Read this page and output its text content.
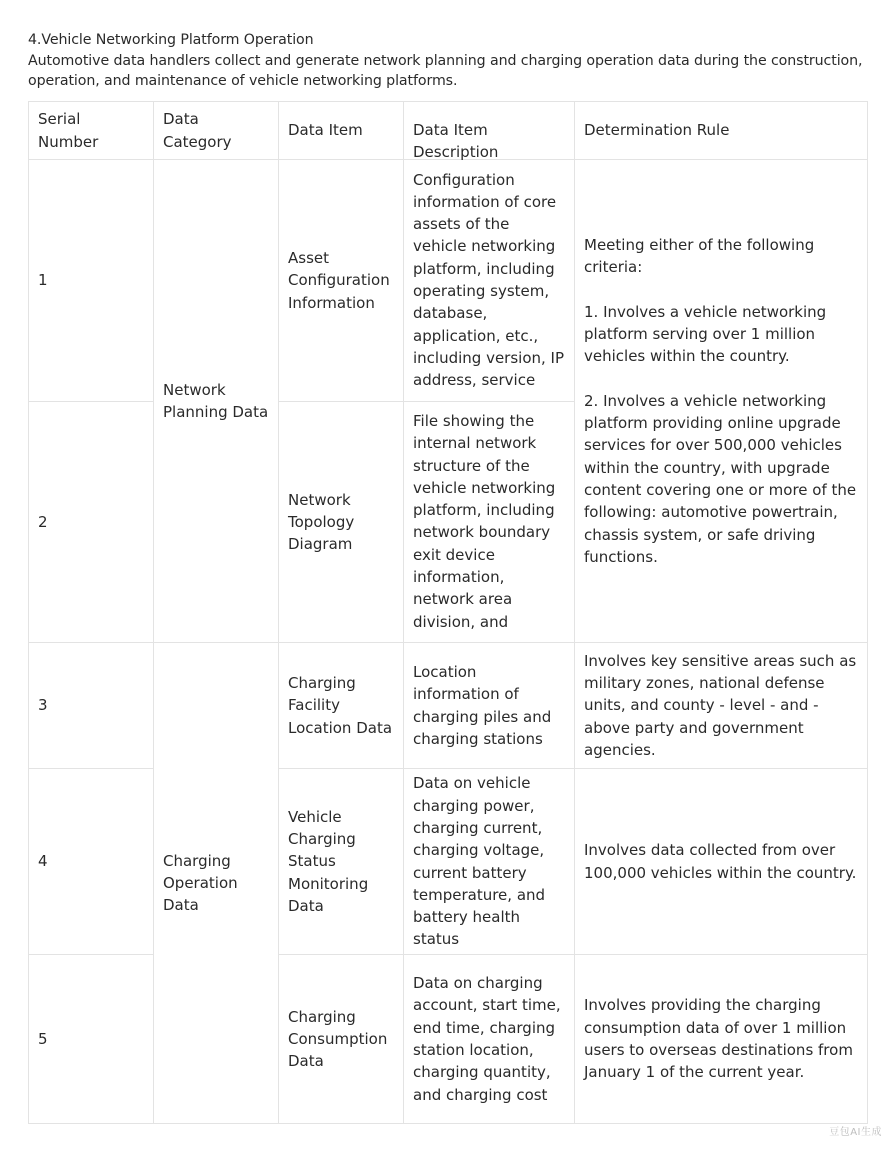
4.Vehicle Networking Platform Operation
Automotive data handlers collect and generate network planning and charging operation data during the construction, operation, and maintenance of vehicle networking platforms.
Serial Number	Data Category	Data Item	Data Item Description	Determination Rule
1	Network Planning Data	Asset Configuration Information	Configuration information of core assets of the vehicle networking platform, including operating system, database, application, etc., including version, IP address, service	Meeting either of the following criteria:

1. Involves a vehicle networking platform serving over 1 million vehicles within the country.

2. Involves a vehicle networking platform providing online upgrade services for over 500,000 vehicles within the country, with upgrade content covering one or more of the following: automotive powertrain, chassis system, or safe driving functions.

2		Network Topology Diagram	File showing the internal network structure of the vehicle networking platform, including network boundary exit device information, network area division, and	

3	Charging Operation Data	Charging Facility Location Data	Location information of charging piles and charging stations	Involves key sensitive areas such as military zones, national defense units, and county - level - and - above party and government agencies.
4		Vehicle Charging Status Monitoring Data	Data on vehicle charging power, charging current, charging voltage, current battery temperature, and battery health status	Involves data collected from over 100,000 vehicles within the country.
5		Charging Consumption Data	Data on charging account, start time, end time, charging station location, charging quantity, and charging cost	Involves providing the charging consumption data of over 1 million users to overseas destinations from January 1 of the current year.
豆包AI生成
